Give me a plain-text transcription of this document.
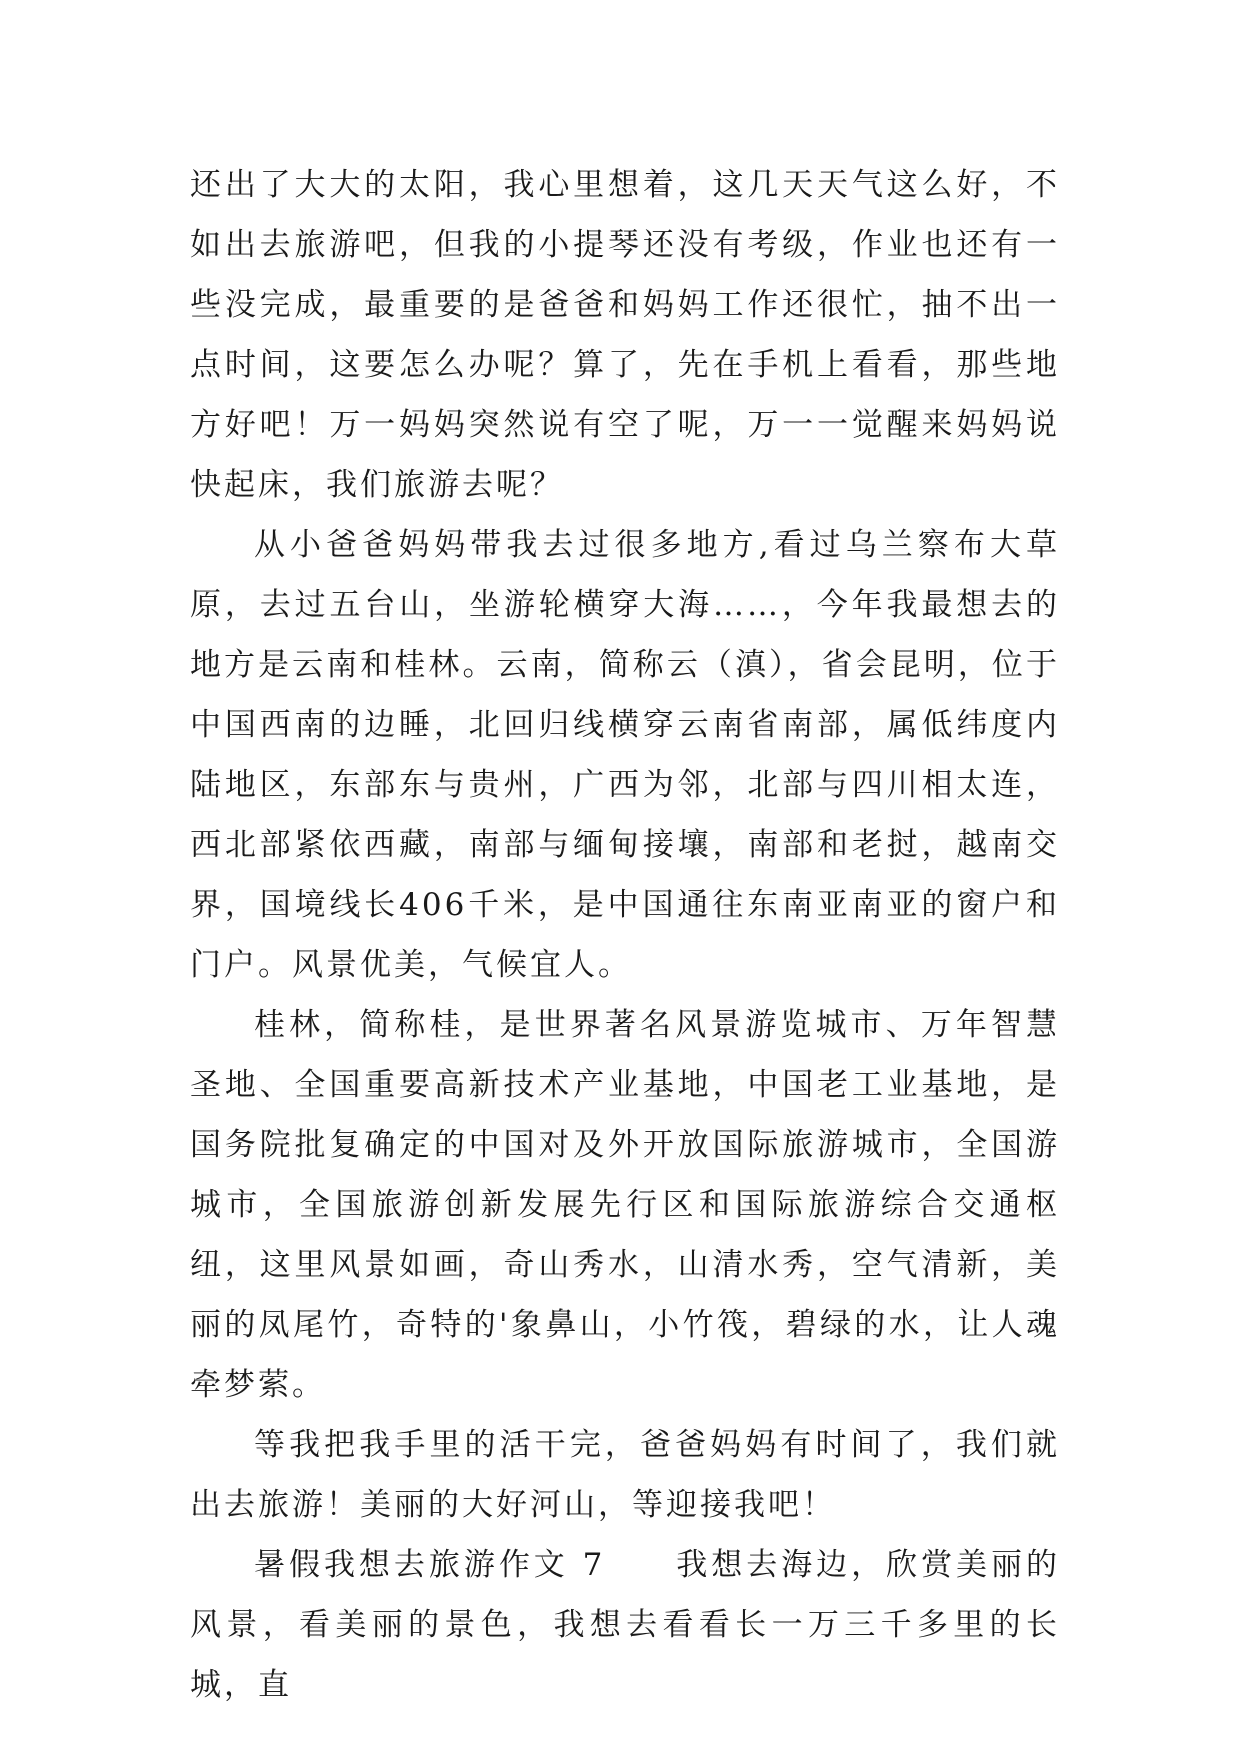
还出了大大的太阳，我心里想着，这几天天气这么好，不如出去旅游吧，但我的小提琴还没有考级，作业也还有一些没完成，最重要的是爸爸和妈妈工作还很忙，抽不出一点时间，这要怎么办呢？算了，先在手机上看看，那些地方好吧！万一妈妈突然说有空了呢，万一一觉醒来妈妈说快起床，我们旅游去呢？

从小爸爸妈妈带我去过很多地方,看过乌兰察布大草原，去过五台山，坐游轮横穿大海……，今年我最想去的地方是云南和桂林。云南，简称云（滇），省会昆明，位于中国西南的边睡，北回归线横穿云南省南部，属低纬度内陆地区，东部东与贵州，广西为邻，北部与四川相太连，西北部紧依西藏，南部与缅甸接壤，南部和老挝，越南交界，国境线长406千米，是中国通往东南亚南亚的窗户和门户。风景优美，气候宜人。

桂林，简称桂，是世界著名风景游览城市、万年智慧圣地、全国重要高新技术产业基地，中国老工业基地，是国务院批复确定的中国对及外开放国际旅游城市，全国游城市，全国旅游创新发展先行区和国际旅游综合交通枢纽，这里风景如画，奇山秀水，山清水秀，空气清新，美丽的凤尾竹，奇特的'象鼻山，小竹筏，碧绿的水，让人魂牵梦萦。

等我把我手里的活干完，爸爸妈妈有时间了，我们就出去旅游！美丽的大好河山，等迎接我吧！

暑假我想去旅游作文 7　　我想去海边，欣赏美丽的风景，看美丽的景色，我想去看看长一万三千多里的长城，直
